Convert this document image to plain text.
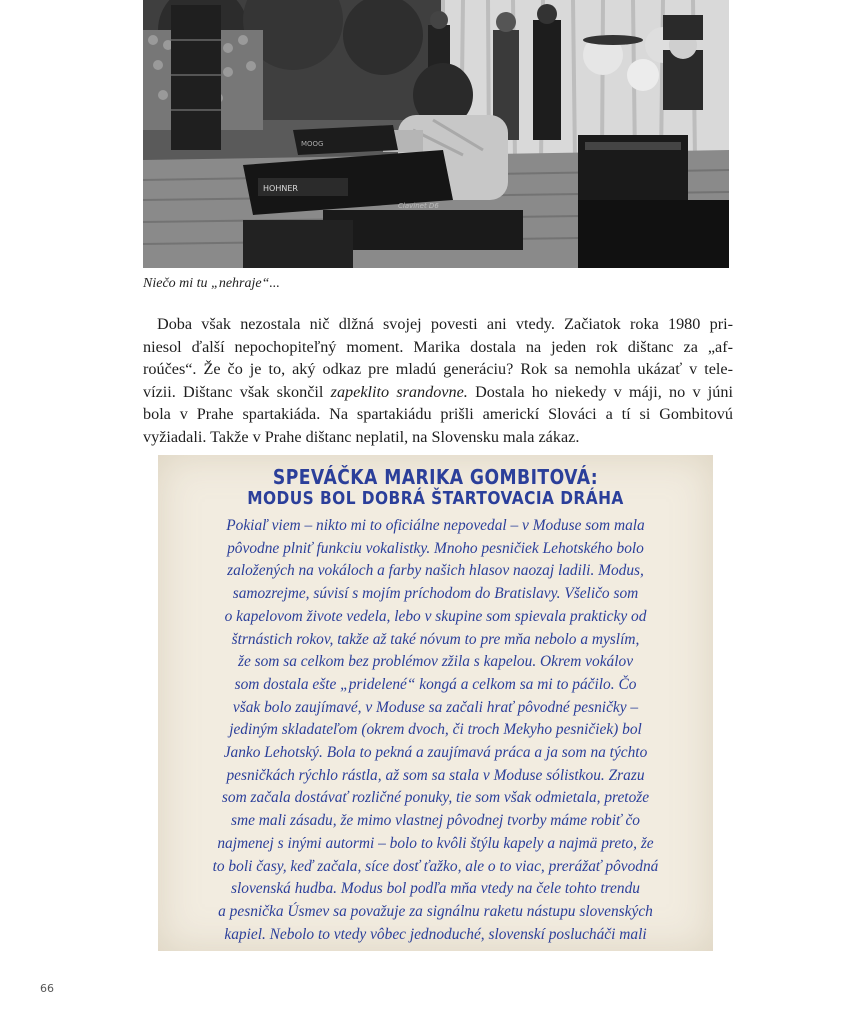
HOHNER
Clavinet D6
MOOG
Niečo mi tu „nehraje“...
Doba však nezostala nič dlžná svojej povesti ani vtedy. Začiatok roka 1980 pri-
niesol ďalší nepochopiteľný moment. Marika dostala na jeden rok dištanc za „af-
roúčes“. Že čo je to, aký odkaz pre mladú generáciu? Rok sa nemohla ukázať v tele-
vízii. Dištanc však skončil zapeklito srandovne. Dostala ho niekedy v máji, no v júni
bola v Prahe spartakiáda. Na spartakiádu prišli americkí Slováci a tí si Gombitovú
vyžiadali. Takže v Prahe dištanc neplatil, na Slovensku mala zákaz.
SPEVÁČKA MARIKA GOMBITOVÁ:
MODUS BOL DOBRÁ ŠTARTOVACIA DRÁHA
Pokiaľ viem – nikto mi to oficiálne nepovedal – v Moduse som mala
pôvodne plniť funkciu vokalistky. Mnoho pesničiek Lehotského bolo
založených na vokáloch a farby našich hlasov naozaj ladili. Modus,
samozrejme, súvisí s mojím príchodom do Bratislavy. Všeličo som
o kapelovom živote vedela, lebo v skupine som spievala prakticky od
štrnástich rokov, takže až také nóvum to pre mňa nebolo a myslím,
že som sa celkom bez problémov zžila s kapelou. Okrem vokálov
som dostala ešte „pridelené“ kongá a celkom sa mi to páčilo. Čo
však bolo zaujímavé, v Moduse sa začali hrať pôvodné pesničky –
jediným skladateľom (okrem dvoch, či troch Mekyho pesničiek) bol
Janko Lehotský. Bola to pekná a zaujímavá práca a ja som na týchto
pesničkách rýchlo rástla, až som sa stala v Moduse sólistkou. Zrazu
som začala dostávať rozličné ponuky, tie som však odmietala, pretože
sme mali zásadu, že mimo vlastnej pôvodnej tvorby máme robiť čo
najmenej s inými autormi – bolo to kvôli štýlu kapely a najmä preto, že
to boli časy, keď začala, síce dosť ťažko, ale o to viac, prerážať pôvodná
slovenská hudba. Modus bol podľa mňa vtedy na čele tohto trendu
a pesnička Úsmev sa považuje za signálnu raketu nástupu slovenských
kapiel. Nebolo to vtedy vôbec jednoduché, slovenskí poslucháči mali
66
